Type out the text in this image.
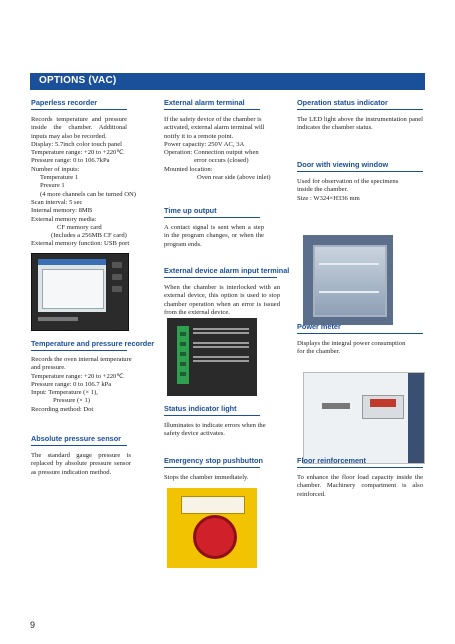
OPTIONS (VAC)
Paperless recorder
Records temperature and pressure inside the chamber. Additional inputs may also be recorded.
Display: 5.7inch color touch panel
Temperature range: +20 to +220℃
Pressure range: 0 to 106.7kPa
Number of inputs:
Temperature 1
Presure 1
(4 more channels can be turned ON)
Scan interval: 5 sec
Internal memory: 8MB
External memory media:
CF memory card
(Includes a 256MB CF card)
External memory function: USB port
Temperature and pressure recorder
Records the oven internal temperature
and pressure.
Temperature range: +20 to +220℃
Pressure range: 0 to 106.7 kPa
Input: Temperature (× 1),
Pressure (× 1)
Recording method: Dot
Absolute pressure sensor
The standard gauge pressure is replaced by absolute pressure sensor as pressure indication method.
External alarm terminal
If the safety device of the chamber is
activated, external alarm terminal will
notify it to a remote point.
Power capacity: 250V AC, 3A
Operation: Connection output when
error occurs (closed)
Mounted location:
Oven rear side (above inlet)
Time up output
A contact signal is sent when a step in the program changes, or when the program ends.
External device alarm input terminal
When the chamber is interlocked with an external device, this option is used to stop chamber operation when an error is issued from the external device.
Status indicator light
Illuminates to indicate errors when the
safety device activates.
Emergency stop pushbutton
Stops the chamber immediately.
Operation status indicator
The LED light above the instrumentation panel indicates the chamber status.
Door with viewing window
Used for observation of the specimens
inside the chamber.
Size : W324×H336 mm
Power meter
Displays the integral power consumption
for the chamber.
Floor reinforcement
To enhance the floor load capacity inside the chamber. Machinery compartment is also reinforced.
9
